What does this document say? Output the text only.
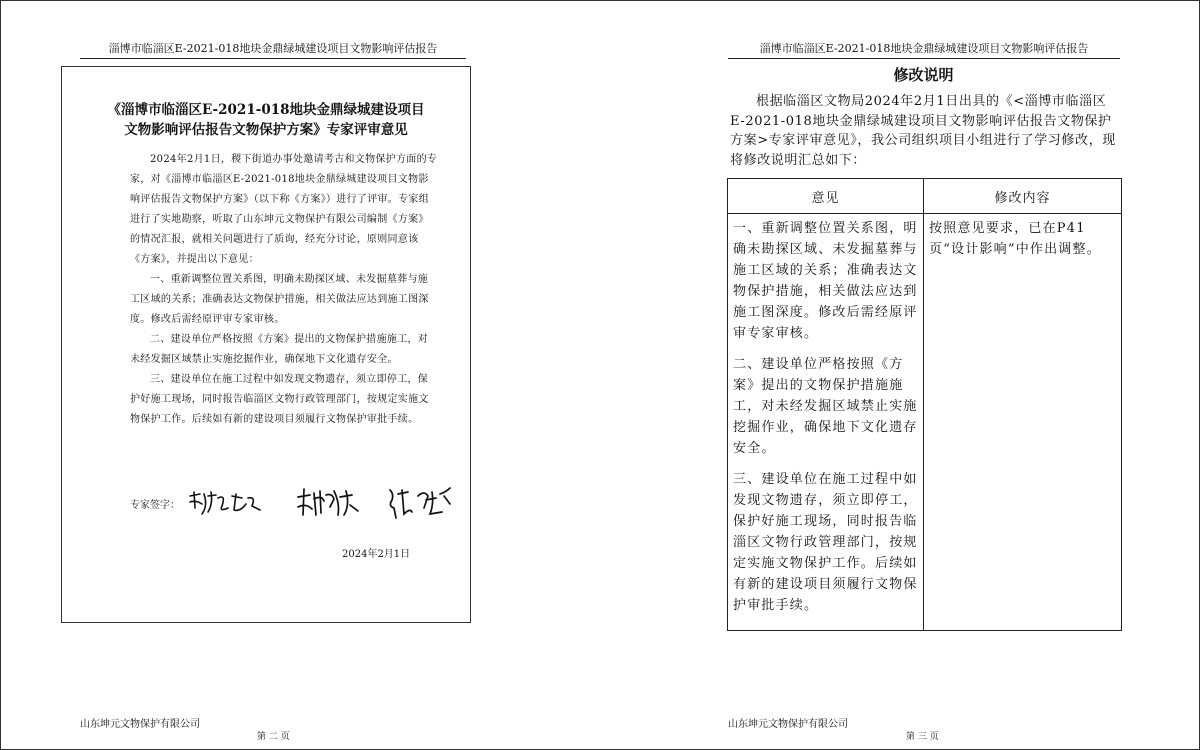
淄博市临淄区E-2021-018地块金鼎绿城建设项目文物影响评估报告
《淄博市临淄区E-2021-018地块金鼎绿城建设项目
文物影响评估报告文物保护方案》专家评审意见

2024年2月1日，稷下街道办事处邀请考古和文物保护方面的专家，对《淄博市临淄区E-2021-018地块金鼎绿城建设项目文物影响评估报告文物保护方案》（以下称《方案》）进行了评审。专家组进行了实地勘察，听取了山东坤元文物保护有限公司编制《方案》的情况汇报，就相关问题进行了质询，经充分讨论，原则同意该《方案》，并提出以下意见：

一、重新调整位置关系图，明确未勘探区域、未发掘墓葬与施工区域的关系；准确表达文物保护措施，相关做法应达到施工图深度。修改后需经原评审专家审核。

二、建设单位严格按照《方案》提出的文物保护措施施工，对未经发掘区域禁止实施挖掘作业，确保地下文化遗存安全。

三、建设单位在施工过程中如发现文物遗存，须立即停工，保护好施工现场，同时报告临淄区文物行政管理部门，按规定实施文物保护工作。后续如有新的建设项目须履行文物保护审批手续。

专家签字：
2024年2月1日
山东坤元文物保护有限公司
第 二 页
淄博市临淄区E-2021-018地块金鼎绿城建设项目文物影响评估报告
修改说明

根据临淄区文物局2024年2月1日出具的《<淄博市临淄区E-2021-018地块金鼎绿城建设项目文物影响评估报告文物保护方案>专家评审意见》，我公司组织项目小组进行了学习修改，现将修改说明汇总如下：

意见	修改内容

一、重新调整位置关系图，明确未勘探区域、未发掘墓葬与施工区域的关系；准确表达文物保护措施，相关做法应达到施工图深度。修改后需经原评审专家审核。

二、建设单位严格按照《方案》提出的文物保护措施施工，对未经发掘区域禁止实施挖掘作业，确保地下文化遗存安全。

三、建设单位在施工过程中如发现文物遗存，须立即停工，保护好施工现场，同时报告临淄区文物行政管理部门，按规定实施文物保护工作。后续如有新的建设项目须履行文物保护审批手续。	按照意见要求，已在P41页“设计影响”中作出调整。

山东坤元文物保护有限公司
第 三 页
